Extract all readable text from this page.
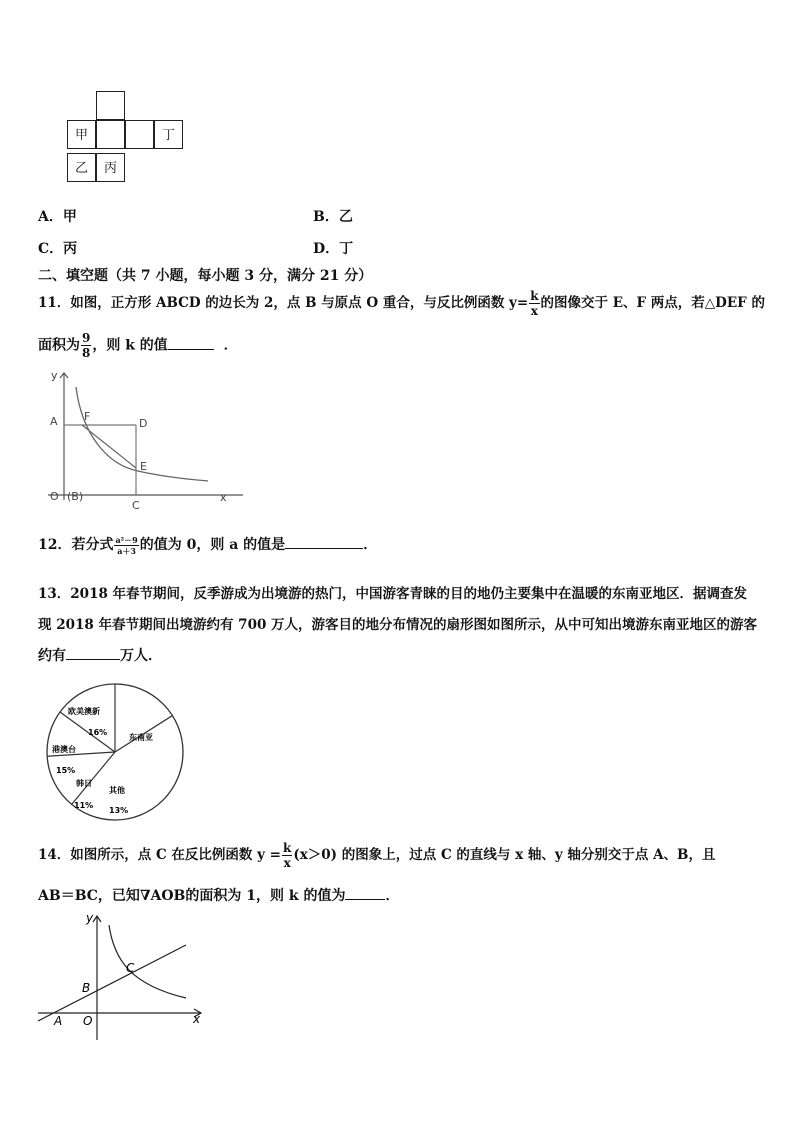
甲	丁
乙	丙
A．甲	B．乙
C．丙	D．丁
二、填空题（共 7 小题，每小题 3 分，满分 21 分）
11．如图，正方形 ABCD 的边长为 2，点 B 与原点 O 重合，与反比例函数 $y= \frac{k}{x}$ 的图像交于 E、F 两点，若△DEF 的
面积为 $\frac{9}{8}$ ，则 k 的值	．
y
x
A F
D
E
O (B)
C
12．若分式 $\frac{\text{a²－9}}{a+3}$ 的值为 0，则 a 的值是	．
13．2018 年春节期间，反季游成为出境游的热门，中国游客青睐的目的地仍主要集中在温暖的东南亚地区．据调查发
现 2018 年春节期间出境游约有 700 万人，游客目的地分布情况的扇形图如图所示，从中可知出境游东南亚地区的游客
约有	万人．
欧美澳新
16%
东南亚
港澳台
15%
韩日
11%
其他
13%
14．如图所示，点 C 在反比例函数 $y = \frac{k}{x} (x>0)$ 的图象上，过点 C 的直线与 x 轴、y 轴分别交于点 A、B，且
AB＝BC，已知∇AOB的面积为 1，则 k 的值为	．
y
x
A O
B
C
